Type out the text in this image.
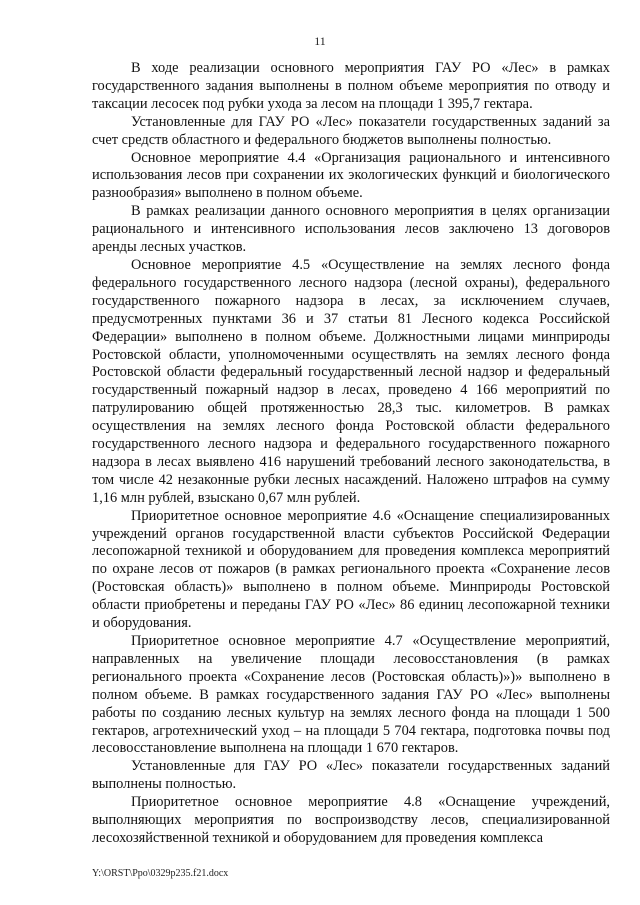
11

В ходе реализации основного мероприятия ГАУ РО «Лес» в рамках государственного задания выполнены в полном объеме мероприятия по отводу и таксации лесосек под рубки ухода за лесом на площади 1 395,7 гектара.

Установленные для ГАУ РО «Лес» показатели государственных заданий за счет средств областного и федерального бюджетов выполнены полностью.

Основное мероприятие 4.4 «Организация рационального и интенсивного использования лесов при сохранении их экологических функций и биологического разнообразия» выполнено в полном объеме.

В рамках реализации данного основного мероприятия в целях организации рационального и интенсивного использования лесов заключено 13 договоров аренды лесных участков.

Основное мероприятие 4.5 «Осуществление на землях лесного фонда федерального государственного лесного надзора (лесной охраны), федерального государственного пожарного надзора в лесах, за исключением случаев, предусмотренных пунктами 36 и 37 статьи 81 Лесного кодекса Российской Федерации» выполнено в полном объеме. Должностными лицами минприроды Ростовской области, уполномоченными осуществлять на землях лесного фонда Ростовской области федеральный государственный лесной надзор и федеральный государственный пожарный надзор в лесах, проведено 4 166 мероприятий по патрулированию общей протяженностью 28,3 тыс. километров. В рамках осуществления на землях лесного фонда Ростовской области федерального государственного лесного надзора и федерального государственного пожарного надзора в лесах выявлено 416 нарушений требований лесного законодательства, в том числе 42 незаконные рубки лесных насаждений. Наложено штрафов на сумму 1,16 млн рублей, взыскано 0,67 млн рублей.

Приоритетное основное мероприятие 4.6 «Оснащение специализированных учреждений органов государственной власти субъектов Российской Федерации лесопожарной техникой и оборудованием для проведения комплекса мероприятий по охране лесов от пожаров (в рамках регионального проекта «Сохранение лесов (Ростовская область)» выполнено в полном объеме. Минприроды Ростовской области приобретены и переданы ГАУ РО «Лес» 86 единиц лесопожарной техники и оборудования.

Приоритетное основное мероприятие 4.7 «Осуществление мероприятий, направленных на увеличение площади лесовосстановления (в рамках регионального проекта «Сохранение лесов (Ростовская область)»)» выполнено в полном объеме. В рамках государственного задания ГАУ РО «Лес» выполнены работы по созданию лесных культур на землях лесного фонда на площади 1 500 гектаров, агротехнический уход – на площади 5 704 гектара, подготовка почвы под лесовосстановление выполнена на площади 1 670 гектаров.

Установленные для ГАУ РО «Лес» показатели государственных заданий выполнены полностью.

Приоритетное основное мероприятие 4.8 «Оснащение учреждений, выполняющих мероприятия по воспроизводству лесов, специализированной лесохозяйственной техникой и оборудованием для проведения комплекса

Y:\ORST\Ppo\0329p235.f21.docx
